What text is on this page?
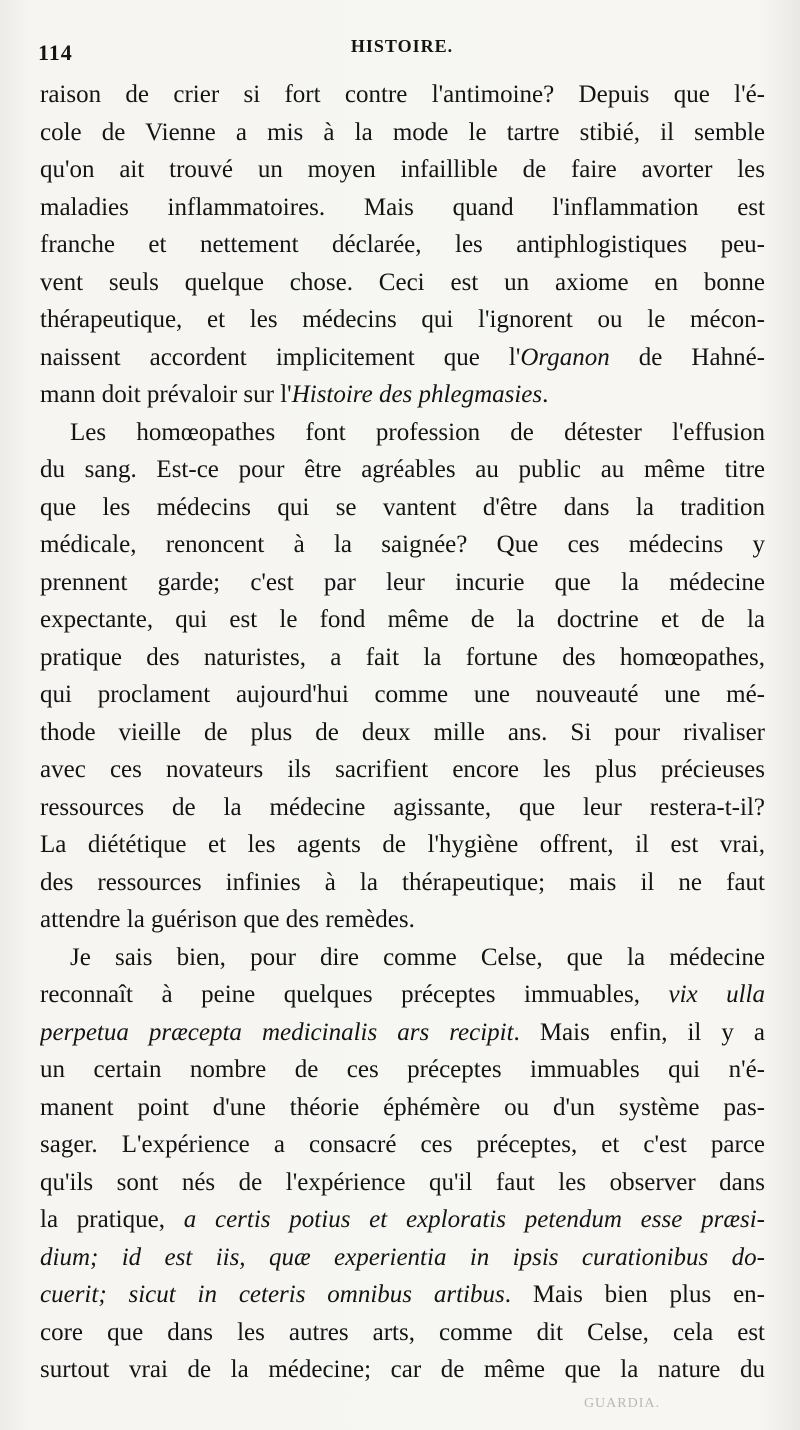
114	HISTOIRE.
raison de crier si fort contre l'antimoine? Depuis que l'é-
cole de Vienne a mis à la mode le tartre stibié, il semble
qu'on ait trouvé un moyen infaillible de faire avorter les
maladies inflammatoires. Mais quand l'inflammation est
franche et nettement déclarée, les antiphlogistiques peu-
vent seuls quelque chose. Ceci est un axiome en bonne
thérapeutique, et les médecins qui l'ignorent ou le mécon-
naissent accordent implicitement que l'Organon de Hahné-
mann doit prévaloir sur l'Histoire des phlegmasies.
Les homœopathes font profession de détester l'effusion
du sang. Est-ce pour être agréables au public au même titre
que les médecins qui se vantent d'être dans la tradition
médicale, renoncent à la saignée? Que ces médecins y
prennent garde; c'est par leur incurie que la médecine
expectante, qui est le fond même de la doctrine et de la
pratique des naturistes, a fait la fortune des homœopathes,
qui proclament aujourd'hui comme une nouveauté une mé-
thode vieille de plus de deux mille ans. Si pour rivaliser
avec ces novateurs ils sacrifient encore les plus précieuses
ressources de la médecine agissante, que leur restera-t-il?
La diététique et les agents de l'hygiène offrent, il est vrai,
des ressources infinies à la thérapeutique; mais il ne faut
attendre la guérison que des remèdes.
Je sais bien, pour dire comme Celse, que la médecine
reconnaît à peine quelques préceptes immuables, vix ulla
perpetua præcepta medicinalis ars recipit. Mais enfin, il y a
un certain nombre de ces préceptes immuables qui n'é-
manent point d'une théorie éphémère ou d'un système pas-
sager. L'expérience a consacré ces préceptes, et c'est parce
qu'ils sont nés de l'expérience qu'il faut les observer dans
la pratique, a certis potius et exploratis petendum esse præsi-
dium; id est iis, quæ experientia in ipsis curationibus do-
cuerit; sicut in ceteris omnibus artibus. Mais bien plus en-
core que dans les autres arts, comme dit Celse, cela est
surtout vrai de la médecine; car de même que la nature du
GUARDIA.
